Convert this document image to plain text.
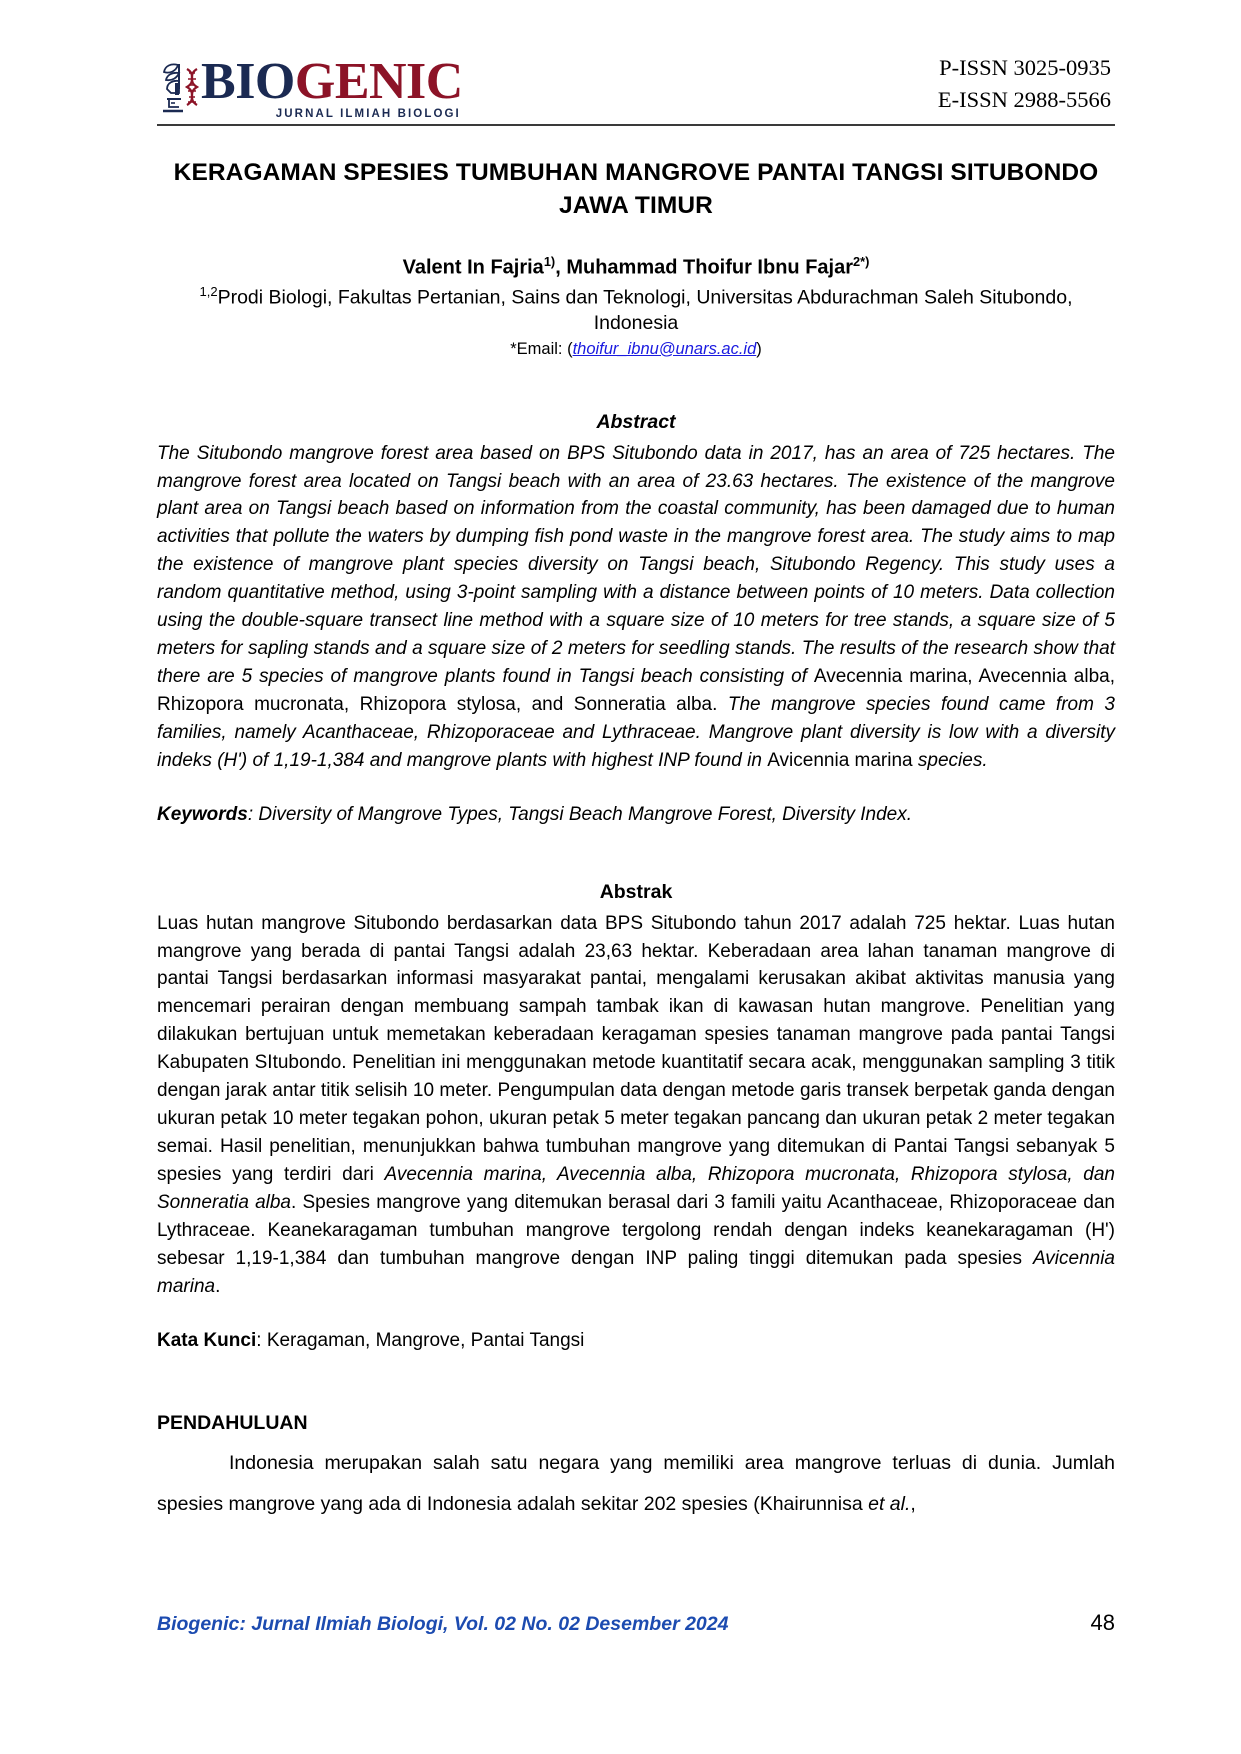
BIOGENIC
JURNAL ILMIAH BIOLOGI
P-ISSN 3025-0935
E-ISSN 2988-5566
KERAGAMAN SPESIES TUMBUHAN MANGROVE PANTAI TANGSI SITUBONDO JAWA TIMUR
Valent In Fajria$^{1)}$, Muhammad Thoifur Ibnu Fajar$^{2*)}$
$^{1,2}$Prodi Biologi, Fakultas Pertanian, Sains dan Teknologi, Universitas Abdurachman Saleh Situbondo, Indonesia
*Email: (thoifur_ibnu@unars.ac.id)
Abstract
The Situbondo mangrove forest area based on BPS Situbondo data in 2017, has an area of 725 hectares. The mangrove forest area located on Tangsi beach with an area of 23.63 hectares. The existence of the mangrove plant area on Tangsi beach based on information from the coastal community, has been damaged due to human activities that pollute the waters by dumping fish pond waste in the mangrove forest area. The study aims to map the existence of mangrove plant species diversity on Tangsi beach, Situbondo Regency. This study uses a random quantitative method, using 3-point sampling with a distance between points of 10 meters. Data collection using the double-square transect line method with a square size of 10 meters for tree stands, a square size of 5 meters for sapling stands and a square size of 2 meters for seedling stands. The results of the research show that there are 5 species of mangrove plants found in Tangsi beach consisting of Avecennia marina, Avecennia alba, Rhizopora mucronata, Rhizopora stylosa, and Sonneratia alba. The mangrove species found came from 3 families, namely Acanthaceae, Rhizoporaceae and Lythraceae. Mangrove plant diversity is low with a diversity indeks (H') of 1,19-1,384 and mangrove plants with highest INP found in Avicennia marina species.
Keywords: Diversity of Mangrove Types, Tangsi Beach Mangrove Forest, Diversity Index.
Abstrak
Luas hutan mangrove Situbondo berdasarkan data BPS Situbondo tahun 2017 adalah 725 hektar. Luas hutan mangrove yang berada di pantai Tangsi adalah 23,63 hektar. Keberadaan area lahan tanaman mangrove di pantai Tangsi berdasarkan informasi masyarakat pantai, mengalami kerusakan akibat aktivitas manusia yang mencemari perairan dengan membuang sampah tambak ikan di kawasan hutan mangrove. Penelitian yang dilakukan bertujuan untuk memetakan keberadaan keragaman spesies tanaman mangrove pada pantai Tangsi Kabupaten SItubondo. Penelitian ini menggunakan metode kuantitatif secara acak, menggunakan sampling 3 titik dengan jarak antar titik selisih 10 meter. Pengumpulan data dengan metode garis transek berpetak ganda dengan ukuran petak 10 meter tegakan pohon, ukuran petak 5 meter tegakan pancang dan ukuran petak 2 meter tegakan semai. Hasil penelitian, menunjukkan bahwa tumbuhan mangrove yang ditemukan di Pantai Tangsi sebanyak 5 spesies yang terdiri dari Avecennia marina, Avecennia alba, Rhizopora mucronata, Rhizopora stylosa, dan Sonneratia alba. Spesies mangrove yang ditemukan berasal dari 3 famili yaitu Acanthaceae, Rhizoporaceae dan Lythraceae. Keanekaragaman tumbuhan mangrove tergolong rendah dengan indeks keanekaragaman (H') sebesar 1,19-1,384 dan tumbuhan mangrove dengan INP paling tinggi ditemukan pada spesies Avicennia marina.
Kata Kunci: Keragaman, Mangrove, Pantai Tangsi
PENDAHULUAN
Indonesia merupakan salah satu negara yang memiliki area mangrove terluas di dunia. Jumlah spesies mangrove yang ada di Indonesia adalah sekitar 202 spesies (Khairunnisa et al.,
Biogenic: Jurnal Ilmiah Biologi, Vol. 02 No. 02 Desember 2024	48
